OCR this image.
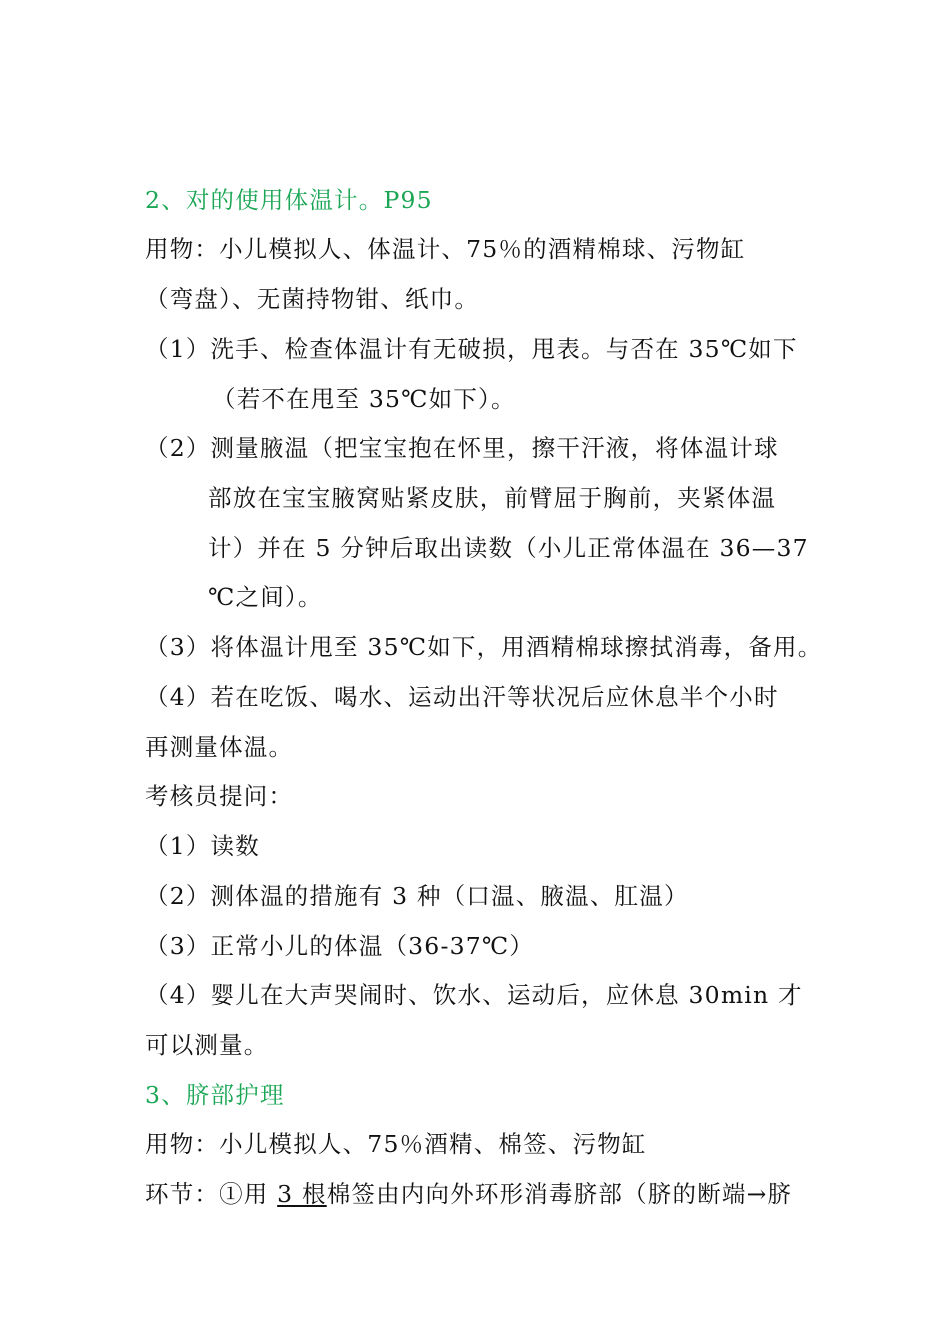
2、对的使用体温计。P95
用物：小儿模拟人、体温计、75％的酒精棉球、污物缸
（弯盘）、无菌持物钳、纸巾。
（1）洗手、检查体温计有无破损，甩表。与否在 35℃如下
（若不在甩至 35℃如下）。
（2）测量腋温（把宝宝抱在怀里，擦干汗液，将体温计球
部放在宝宝腋窝贴紧皮肤，前臂屈于胸前，夹紧体温
计）并在 5 分钟后取出读数（小儿正常体温在 36—37
℃之间）。
（3）将体温计甩至 35℃如下，用酒精棉球擦拭消毒，备用。
（4）若在吃饭、喝水、运动出汗等状况后应休息半个小时
再测量体温。
考核员提问：
（1）读数
（2）测体温的措施有 3 种（口温、腋温、肛温）
（3）正常小儿的体温（36-37℃）
（4）婴儿在大声哭闹时、饮水、运动后，应休息 30min 才
可以测量。
3、脐部护理
用物：小儿模拟人、75％酒精、棉签、污物缸
环节：①用 3 根棉签由内向外环形消毒脐部（脐的断端→脐
